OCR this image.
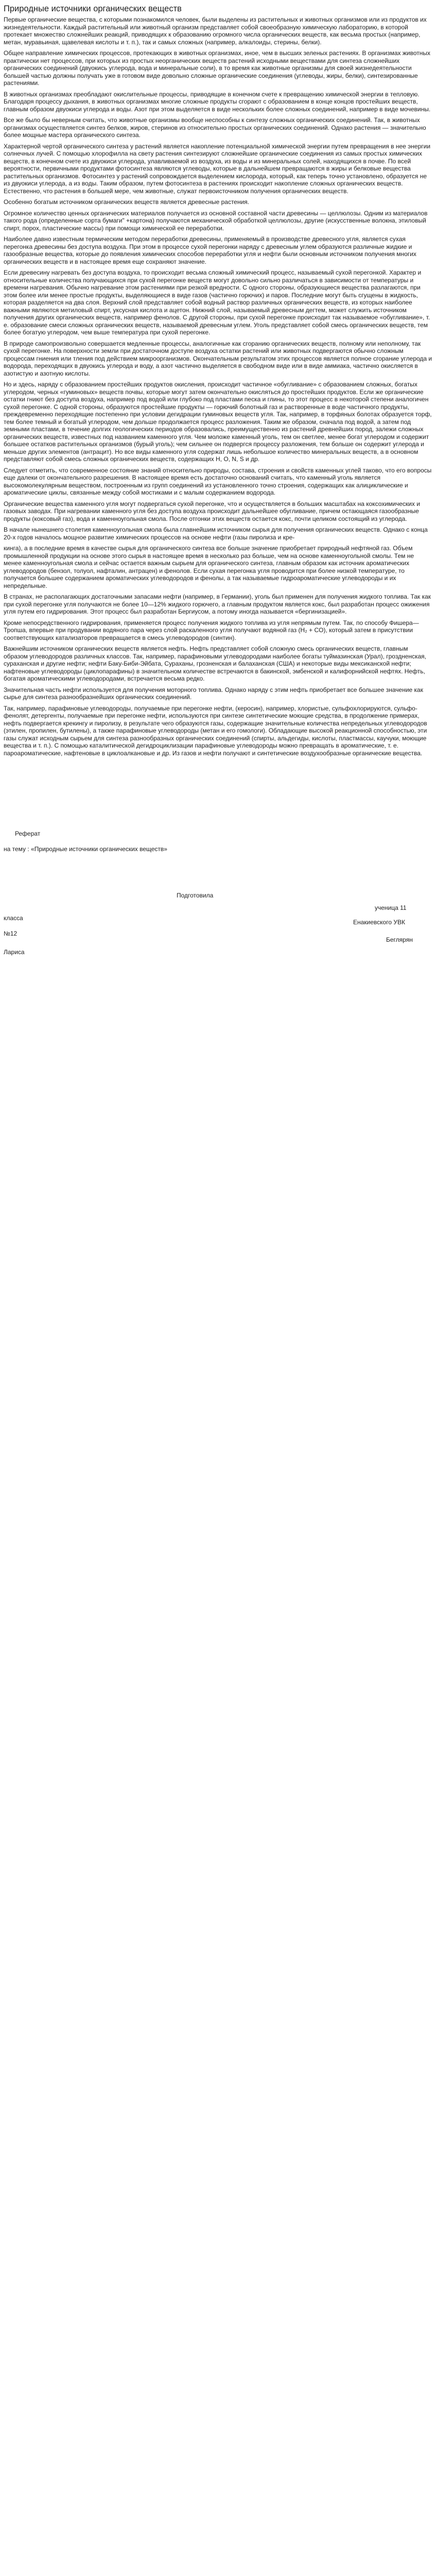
Природные источники органических веществ

Первые органические вещества, с которыми познакомился человек, были выделены из растительных и животных организмов или из продуктов их жизнедеятельности. Каждый растительный или животный организм представляет собой своеобразную химическую лабораторию, в которой протекает множество сложнейших реакций, приводящих к образованию огромного числа органических веществ, как весьма простых (например, метан, муравьиная, щавелевая кислоты и т. п.), так и самых сложных (например, алкалоиды, стерины, белки).

Общее направление химических процессов, протекающих в животных организмах, иное, чем в высших зеленых растениях. В организмах животных практически нет процессов, при которых из простых неорганических веществ растений исходными веществами для синтеза сложнейших органических соединений (двуокись углерода, вода и минеральные соли), в то время как животные организмы для своей жизнедеятельности большей частью должны получать уже в готовом виде довольно сложные органические соединения (углеводы, жиры, белки), синтезированные растениями.

В животных организмах преобладают окислительные процессы, приводящие в конечном счете к превращению химической энергии в тепловую. Благодаря процессу дыхания, в животных организмах многие сложные продукты сгорают с образованием в конце концов простейших веществ, главным образом двуокиси углерода и воды. Азот при этом выделяется в виде нескольких более сложных соединений, например в виде мочевины.

Все же было бы неверным считать, что животные организмы вообще неспособны к синтезу сложных органических соединений. Так, в животных организмах осуществляется синтез белков, жиров, стеринов из относительно простых органических соединений. Однако растения — значительно более мощные мастера органического синтеза.

Характерной чертой органического синтеза у растений является накопление потенциальной химической энергии путем превращения в нее энергии солнечных лучей. С помощью хлорофилла на свету растения синтезируют сложнейшие органические соединения из самых простых химических веществ, в конечном счете из двуокиси углерода, улавливаемой из воздуха, из воды и из минеральных солей, находящихся в почве. По всей вероятности, первичными продуктами фотосинтеза являются углеводы, которые в дальнейшем превращаются в жиры и белковые вещества растительных организмов. Фотосинтез у растений сопровождается выделением кислорода, который, как теперь точно установлено, образуется не из двуокиси углерода, а из воды. Таким образом, путем фотосинтеза в растениях происходит накопление сложных органических веществ. Естественно, что растения в большей мере, чем животные, служат первоисточником получения органических веществ.

Особенно богатым источником органических веществ является древесные растения.

Огромное количество ценных органических материалов получается из основной составной части древесины — целлюлозы. Одним из материалов такого рода (определенные сорта бумаги" +картона) получаются механической обработкой целлюлозы, другие (искусственные волокна, этиловый спирт, порох, пластические массы) при помощи химической ее переработки.

Наиболее давно известным термическим методом переработки древесины, применяемый в производстве древесного угля, является сухая перегонка древесины без доступа воздуха. При этом в процессе сухой перегонки наряду с древесным углем образуются различные жидкие и газообразные вещества, которые до появления химических способов переработки угля и нефти были основным источником получения многих органических веществ и в настоящее время еще сохраняют значение.

Если древесину нагревать без доступа воздуха, то происходит весьма сложный химический процесс, называемый сухой перегонкой. Характер и относительные количества получающихся при сухой перегонке веществ могут довольно сильно различаться в зависимости от температуры и времени нагревания. Обычно нагревание этом растениями при резкой вредности. С одного стороны, образующиеся вещества разлагаются, при этом более или менее простые продукты, выделяющиеся в виде газов (частично горючих) и паров. Последние могут быть сгущены в жидкость, которая разделяется на два слоя. Верхний слой представляет собой водный раствор различных органических веществ, из которых наиболее важными являются метиловый спирт, уксусная кислота и ацетон. Нижний слой, называемый древесным дегтем, может служить источником получения других органических веществ, например фенолов. С другой стороны, при сухой перегонке происходит так называемое «обугливание», т. е. образование смеси сложных органических веществ, называемой древесным углем. Уголь представляет собой смесь органических веществ, тем более богатую углеродом, чем выше температура при сухой перегонке.

В природе самопроизвольно совершается медленные процессы, аналогичные как сгоранию органических веществ, полному или неполному, так сухой перегонке. На поверхности земли при достаточном доступе воздуха остатки растений или животных подвергаются обычно сложным процессам гниения или тления под действием микроорганизмов. Окончательным результатом этих процессов является полное сгорание углерода и водорода, переходящих в двуокись углерода и воду, а азот частично выделяется в свободном виде или в виде аммиака, частично окисляется в азотистую и азотную кислоты.

Но и здесь, наряду с образованием простейших продуктов окисления, происходит частичное «обугливание» с образованием сложных, богатых углеродом, черных «гуминовых» веществ почвы, которые могут затем окончательно окисляться до простейших продуктов. Если же органические остатки гниют без доступа воздуха, например под водой или глубоко под пластами песка и глины, то этот процесс в некоторой степени аналогичен сухой перегонке. С одной стороны, образуются простейшие продукты — горючий болотный газ и растворенные в воде частичного продукты, преждевременно переходящие постепенно при условии дегидрации гуминовых веществ угля. Так, например, в торфяных болотах образуется торф, тем более темный и богатый углеродом, чем дольше продолжается процесс разложения. Таким же образом, сначала под водой, а затем под земными пластами, в течение долгих геологических периодов образовались, преимущественно из растений древнейших пород, залежи сложных органических веществ, известных под названием каменного угля. Чем моложе каменный уголь, тем он светлее, менее богат углеродом и содержит большее остатков растительных организмов (бурый уголь); чем сильнее он подвергся процессу разложения, тем больше он содержит углерода и меньше других элементов (антрацит). Но все виды каменного угля содержат лишь небольшое количество минеральных веществ, а в основном представляют собой смесь сложных органических веществ, содержащих Н, О, N, S и др.

Следует отметить, что современное состояние знаний относительно природы, состава, строения и свойств каменных углей таково, что его вопросы еще далеки от окончательного разрешения. В настоящее время есть достаточно оснований считать, что каменный уголь является высокомолекулярным веществом, построенным из групп соединений из установленного точно строения, содержащих как алициклические и ароматические циклы, связанные между собой мостиками и с малым содержанием водорода.

Органические вещества каменного угля могут подвергаться сухой перегонке, что и осуществляется в больших масштабах на коксохимических и газовых заводах. При нагревании каменного угля без доступа воздуха происходит дальнейшее обугливание, причем остающаяся газообразные продукты (коксовый газ), вода и каменноугольная смола. После отгонки этих веществ остается кокс, почти целиком состоящий из углерода.

В начале нынешнего столетия каменноугольная смола была главнейшим источником сырья для получения органических веществ. Однако с конца 20-х годов началось мощное развитие химических процессов на основе нефти (газы пиролиза и кре-

кинга), а в последние время в качестве сырья для органического синтеза все больше значение приобретает природный нефтяной газ. Объем промышленной продукции на основе этого сырья в настоящее время в несколько раз больше, чем на основе каменноугольной смолы. Тем не менее каменноугольная смола и сейчас остается важным сырьем для органического синтеза, главным образом как источник ароматических углеводородов (бензол, толуол, нафталин, антрацен) и фенолов. Если сухая перегонка угля проводится при более низкой температуре, то получается большее содержанием ароматических углеводородов и фенолы, а так называемые гидроароматические углеводороды и их непредельные.

В странах, не располагающих достаточными запасами нефти (например, в Германии), уголь был применен для получения жидкого топлива. Так как при сухой перегонке угля получаются не более 10—12% жидкого горючего, а главным продуктом является кокс, был разработан процесс ожижения угля путем его гидрирования. Этот процесс был разработан Бергиусом, а потому иногда называется «бергинизацией».

Кроме непосредственного гидрирования, применяется процесс получения жидкого топлива из угля непрямым путем. Так, по способу Фишера—Тропша, впервые при продувании водяного пара через слой раскаленного угля получают водяной газ (H₂ + CO), который затем в присутствии соответствующих катализаторов превращается в смесь углеводородов (синтин).

Важнейшим источником органических веществ является нефть. Нефть представляет собой сложную смесь органических веществ, главным образом углеводородов различных классов. Так, например, парафиновыми углеводородами наиболее богаты туймазинская (Урал), гроздненская, сураханская и другие нефти; нефти Баку-Биби-Эйбата, Сураханы, грозненская и балаханская (США) и некоторые виды мексиканской нефти; нафтеновые углеводороды (циклопарафины) в значительном количестве встречаются в бакинской, эмбенской и калифорнийской нефтях. Нефть, богатая ароматическими углеводородами, встречается весьма редко.

Значительная часть нефти используется для получения моторного топлива. Однако наряду с этим нефть приобретает все большее значение как сырье для синтеза разнообразнейших органических соединений.

Так, например, парафиновые углеводороды, получаемые при перегонке нефти, (керосин), например, хлористые, сульфохлорируются, сульфо-фенолят, детергенты, получаемые при перегонке нефти, используются при синтезе синтетические моющие средства, в продолжение примерах, нефть подвергается крекингу и пиролизу, в результате чего образуются газы, содержащие значительные количества непредельных углеводородов (этилен, пропилен, бутилены), а также парафиновые углеводороды (метан и его гомологи). Обладающие высокой реакционной способностью, эти газы служат исходным сырьем для синтеза разнообразных органических соединений (спирты, альдегиды, кислоты, пластмассы, каучуки, моющие вещества и т. п.). С помощью каталитической дегидроциклизации парафиновые углеводороды можно превращать в ароматические, т. е. пароароматические, нафтеновые в циклоалкановые и др. Из газов и нефти получают и синтетические воздухообразные органические вещества.

Реферат
на тему : «Природные источники органических веществ»
Подготовила
ученица 11
класса
Енакиевского УВК
№12
Беглярян
Лариса
